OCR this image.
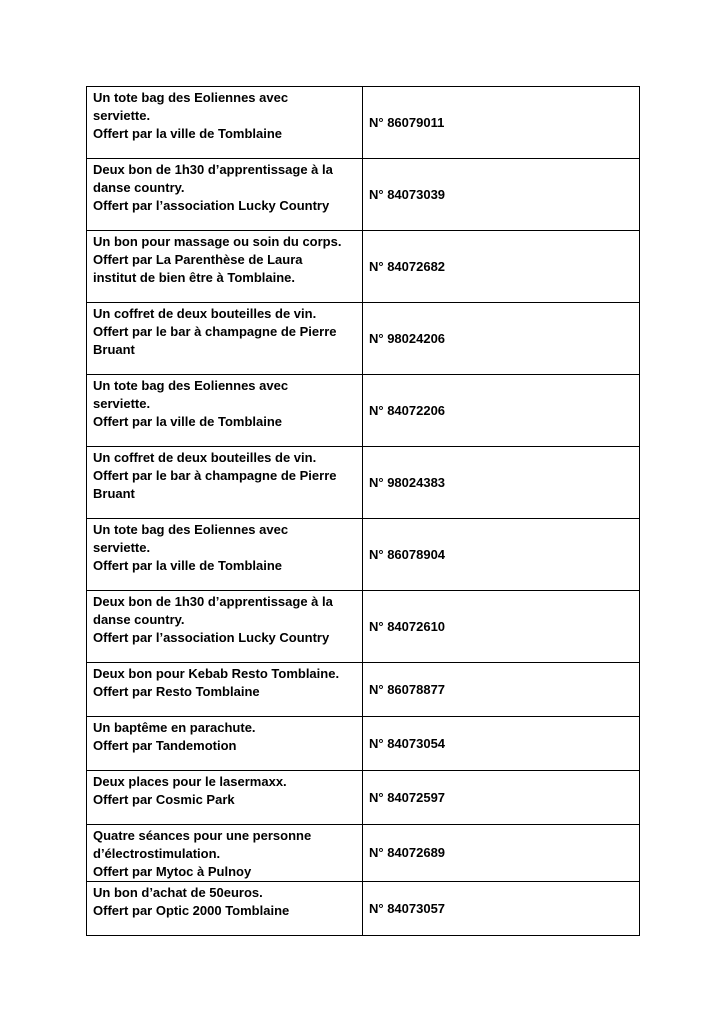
Un tote bag des Eoliennes avec
serviette.
Offert par la ville de Tomblaine	N° 86079011

Deux bon de 1h30 d’apprentissage à la
danse country.
Offert par l’association Lucky Country	N° 84073039

Un bon pour massage ou soin du corps.
Offert par La Parenthèse de Laura
institut de bien être à Tomblaine.	N° 84072682

Un coffret de deux bouteilles de vin.
Offert par le bar à champagne de Pierre
Bruant	N° 98024206

Un tote bag des Eoliennes avec
serviette.
Offert par la ville de Tomblaine	N° 84072206

Un coffret de deux bouteilles de vin.
Offert par le bar à champagne de Pierre
Bruant	N° 98024383

Un tote bag des Eoliennes avec
serviette.
Offert par la ville de Tomblaine	N° 86078904

Deux bon de 1h30 d’apprentissage à la
danse country.
Offert par l’association Lucky Country	N° 84072610

Deux bon pour Kebab Resto Tomblaine.
Offert par Resto Tomblaine	N° 86078877

Un baptême en parachute.
Offert par Tandemotion	N° 84073054

Deux places pour le lasermaxx.
Offert par Cosmic Park	N° 84072597

Quatre séances pour une personne
d’électrostimulation.
Offert par Mytoc à Pulnoy	N° 84072689

Un bon d’achat de 50euros.
Offert par Optic 2000 Tomblaine	N° 84073057
